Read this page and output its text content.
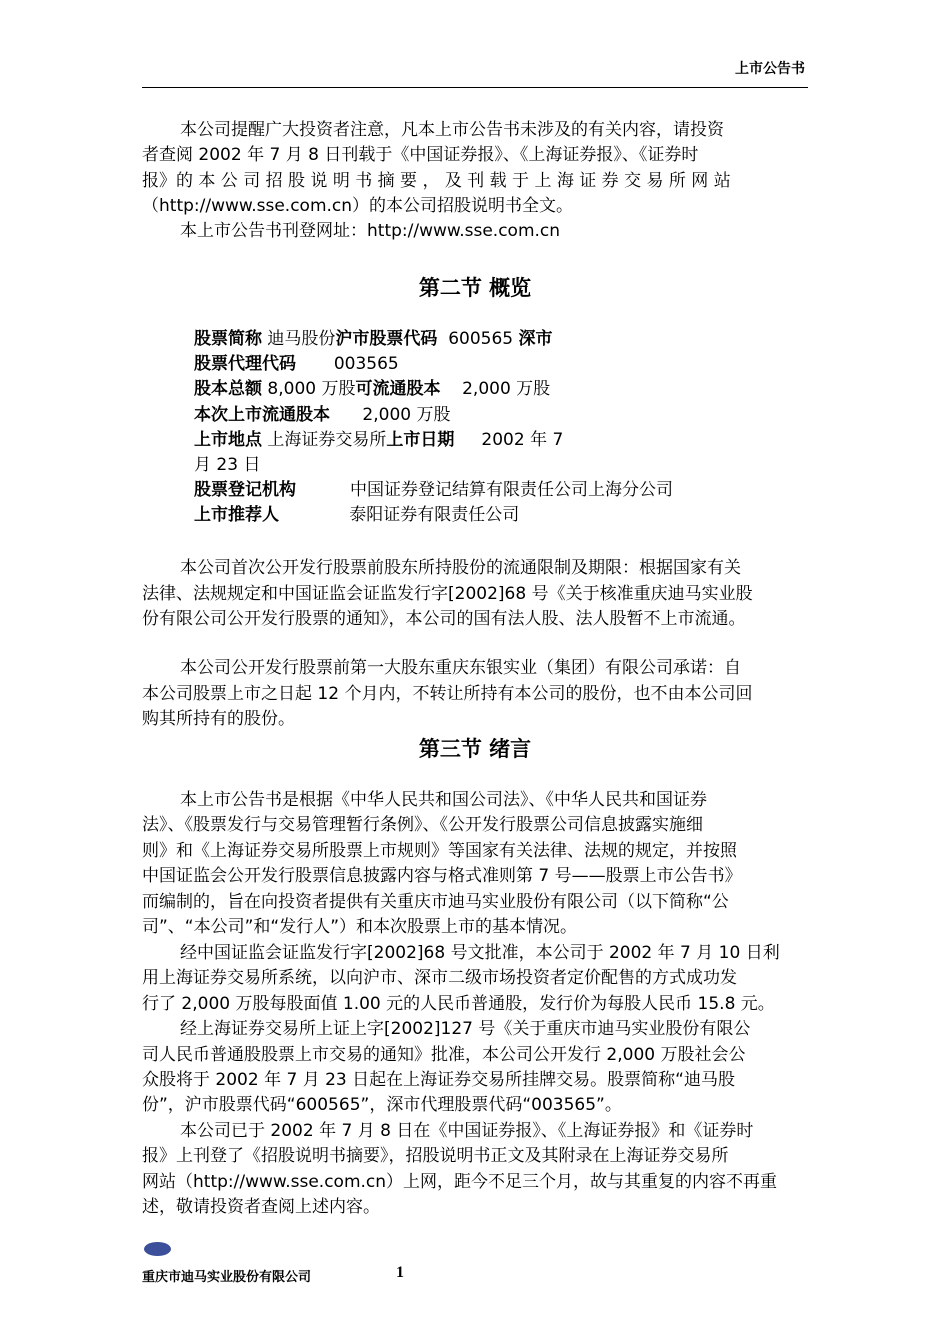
上市公告书
本公司提醒广大投资者注意，凡本上市公告书未涉及的有关内容，请投资
者查阅 2002 年 7 月 8 日刊载于《中国证券报》、《上海证券报》、《证券时
报》的 本 公 司 招 股 说 明 书 摘 要 ， 及 刊 载 于 上 海 证 券 交 易 所 网 站
（http://www.sse.com.cn）的本公司招股说明书全文。
本上市公告书刊登网址：http://www.sse.com.cn
第二节 概览
股票简称 迪马股份沪市股票代码  600565 深市
股票代理代码       003565
股本总额 8,000 万股可流通股本    2,000 万股
本次上市流通股本      2,000 万股
上市地点 上海证券交易所上市日期     2002 年 7
月 23 日
股票登记机构          中国证券登记结算有限责任公司上海分公司
上市推荐人             泰阳证券有限责任公司
本公司首次公开发行股票前股东所持股份的流通限制及期限：根据国家有关
法律、法规规定和中国证监会证监发行字[2002]68 号《关于核准重庆迪马实业股
份有限公司公开发行股票的通知》，本公司的国有法人股、法人股暂不上市流通。
本公司公开发行股票前第一大股东重庆东银实业（集团）有限公司承诺：自
本公司股票上市之日起 12 个月内，不转让所持有本公司的股份，也不由本公司回
购其所持有的股份。
第三节 绪言
本上市公告书是根据《中华人民共和国公司法》、《中华人民共和国证券
法》、《股票发行与交易管理暂行条例》、《公开发行股票公司信息披露实施细
则》和《上海证券交易所股票上市规则》等国家有关法律、法规的规定，并按照
中国证监会公开发行股票信息披露内容与格式准则第 7 号——股票上市公告书》
而编制的，旨在向投资者提供有关重庆市迪马实业股份有限公司（以下简称“公
司”、“本公司”和“发行人”）和本次股票上市的基本情况。
经中国证监会证监发行字[2002]68 号文批准，本公司于 2002 年 7 月 10 日利
用上海证券交易所系统，以向沪市、深市二级市场投资者定价配售的方式成功发
行了 2,000 万股每股面值 1.00 元的人民币普通股，发行价为每股人民币 15.8 元。
经上海证券交易所上证上字[2002]127 号《关于重庆市迪马实业股份有限公
司人民币普通股股票上市交易的通知》批准，本公司公开发行 2,000 万股社会公
众股将于 2002 年 7 月 23 日起在上海证券交易所挂牌交易。股票简称“迪马股
份”，沪市股票代码“600565”，深市代理股票代码“003565”。
本公司已于 2002 年 7 月 8 日在《中国证券报》、《上海证券报》和《证券时
报》上刊登了《招股说明书摘要》，招股说明书正文及其附录在上海证券交易所
网站（http://www.sse.com.cn）上网，距今不足三个月，故与其重复的内容不再重
述，敬请投资者查阅上述内容。
重庆市迪马实业股份有限公司	1
